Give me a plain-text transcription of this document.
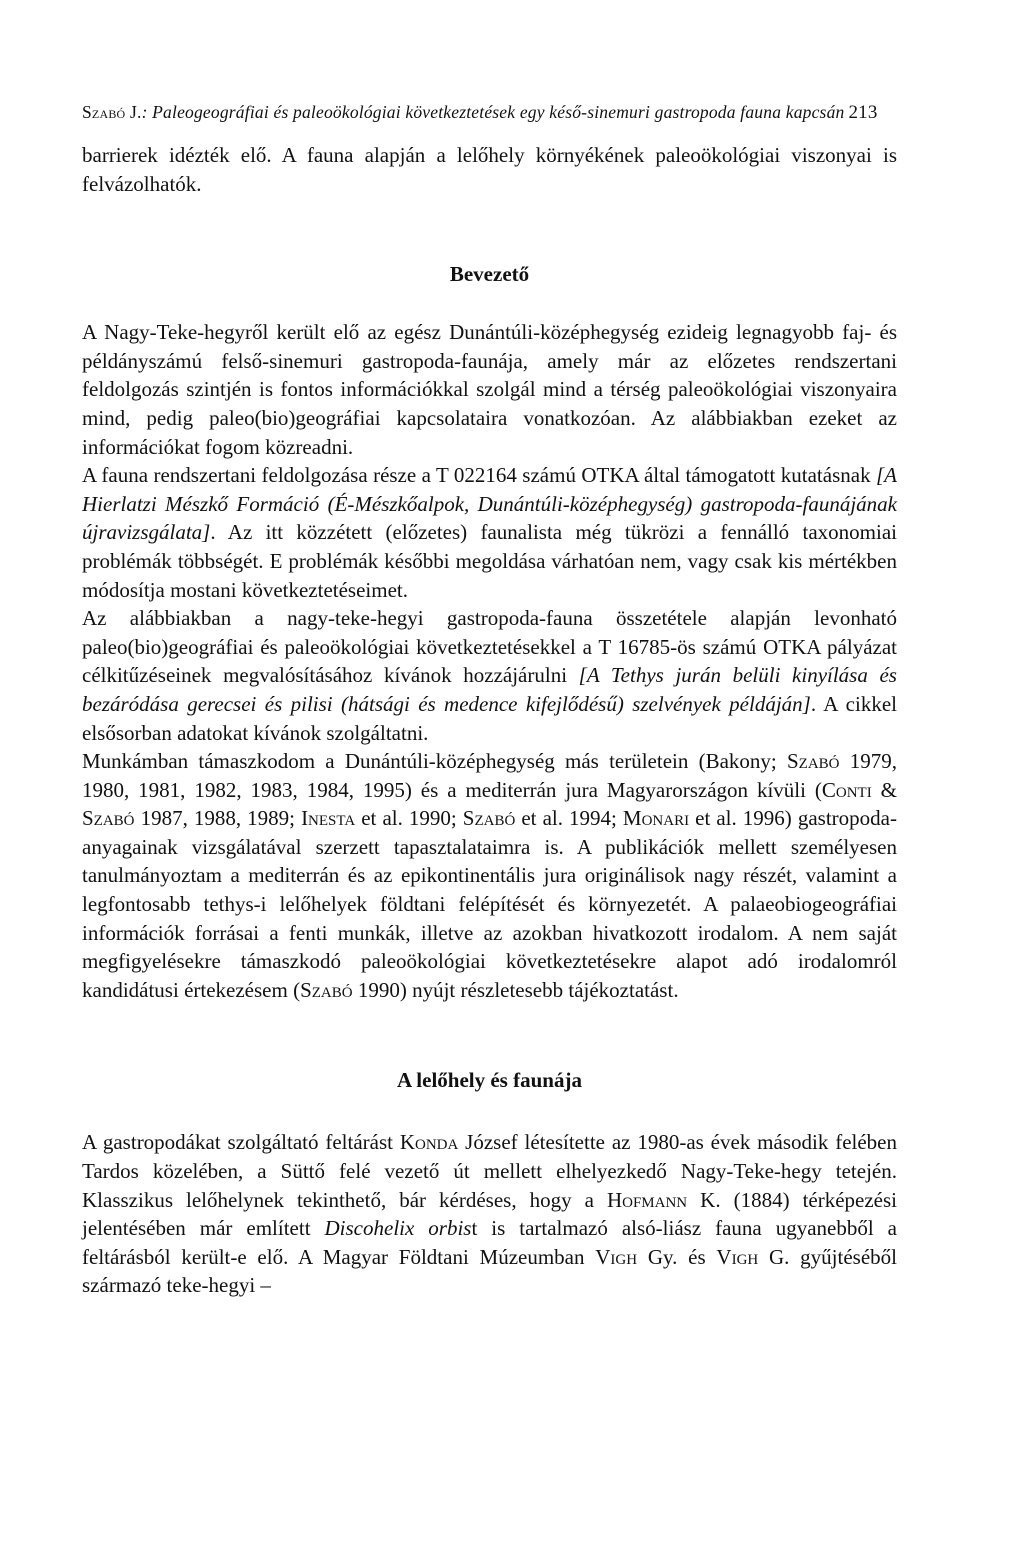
Szabó J.: Paleogeográfiai és paleoökológiai következtetések egy késő-sinemuri gastropoda fauna kapcsán 213

barrierek idézték elő. A fauna alapján a lelőhely környékének paleoökológiai viszonyai is felvázolhatók.

Bevezető

A Nagy-Teke-hegyről került elő az egész Dunántúli-középhegység ezideig legnagyobb faj- és példányszámú felső-sinemuri gastropoda-faunája, amely már az előzetes rendszertani feldolgozás szintjén is fontos információkkal szolgál mind a térség paleoökológiai viszonyaira mind, pedig paleo(bio)geográfiai kapcsolataira vonatkozóan. Az alábbiakban ezeket az információkat fogom közreadni.

A fauna rendszertani feldolgozása része a T 022164 számú OTKA által támogatott kutatásnak [A Hierlatzi Mészkő Formáció (É-Mészkőalpok, Dunántúli-középhegység) gastropoda-faunájának újravizsgálata]. Az itt közzétett (előzetes) faunalista még tükrözi a fennálló taxonomiai problémák többségét. E problémák későbbi megoldása várhatóan nem, vagy csak kis mértékben módosítja mostani következtetéseimet.

Az alábbiakban a nagy-teke-hegyi gastropoda-fauna összetétele alapján levonható paleo(bio)geográfiai és paleoökológiai következtetésekkel a T 16785-ös számú OTKA pályázat célkitűzéseinek megvalósításához kívánok hozzájárulni [A Tethys jurán belüli kinyílása és bezáródása gerecsei és pilisi (hátsági és medence kifejlődésű) szelvények példáján]. A cikkel elsősorban adatokat kívánok szolgáltatni.

Munkámban támaszkodom a Dunántúli-középhegység más területein (Bakony; Szabó 1979, 1980, 1981, 1982, 1983, 1984, 1995) és a mediterrán jura Magyarországon kívüli (Conti & Szabó 1987, 1988, 1989; Inesta et al. 1990; Szabó et al. 1994; Monari et al. 1996) gastropoda-anyagainak vizsgálatával szerzett tapasztalataimra is. A publikációk mellett személyesen tanulmányoztam a mediterrán és az epikontinentális jura originálisok nagy részét, valamint a legfontosabb tethys-i lelőhelyek földtani felépítését és környezetét. A palaeobiogeográfiai információk forrásai a fenti munkák, illetve az azokban hivatkozott irodalom. A nem saját megfigyelésekre támaszkodó paleoökológiai következtetésekre alapot adó irodalomról kandidátusi értekezésem (Szabó 1990) nyújt részletesebb tájékoztatást.

A lelőhely és faunája

A gastropodákat szolgáltató feltárást Konda József létesítette az 1980-as évek második felében Tardos közelében, a Süttő felé vezető út mellett elhelyezkedő Nagy-Teke-hegy tetején. Klasszikus lelőhelynek tekinthető, bár kérdéses, hogy a Hofmann K. (1884) térképezési jelentésében már említett Discohelix orbist is tartalmazó alsó-liász fauna ugyanebből a feltárásból került-e elő. A Magyar Földtani Múzeumban Vigh Gy. és Vigh G. gyűjtéséből származó teke-hegyi –
